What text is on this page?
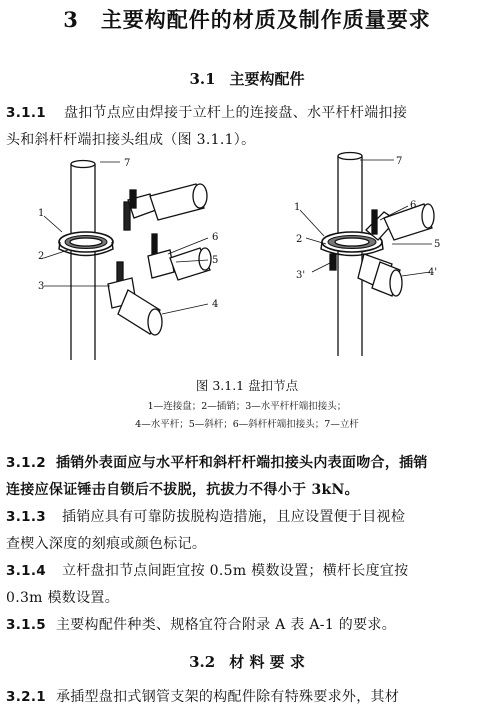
3 主要构配件的材质及制作质量要求
3.1 主要构配件
3.1.1 盘扣节点应由焊接于立杆上的连接盘、水平杆杆端扣接
头和斜杆杆端扣接头组成（图 3.1.1）。
7
1
2
3
6
5
4
7
1
2
3'
6
5
4'
图 3.1.1 盘扣节点
1—连接盘；2—插销；3—水平杆杆端扣接头；
4—水平杆；5—斜杆；6—斜杆杆端扣接头；7—立杆
3.1.2 插销外表面应与水平杆和斜杆杆端扣接头内表面吻合，插销
连接应保证锤击自锁后不拔脱，抗拔力不得小于 3kN。
3.1.3 插销应具有可靠防拔脱构造措施，且应设置便于目视检
查楔入深度的刻痕或颜色标记。
3.1.4 立杆盘扣节点间距宜按 0.5m 模数设置；横杆长度宜按
0.3m 模数设置。
3.1.5 主要构配件种类、规格宜符合附录 A 表 A-1 的要求。
3.2 材 料 要 求
3.2.1 承插型盘扣式钢管支架的构配件除有特殊要求外，其材
